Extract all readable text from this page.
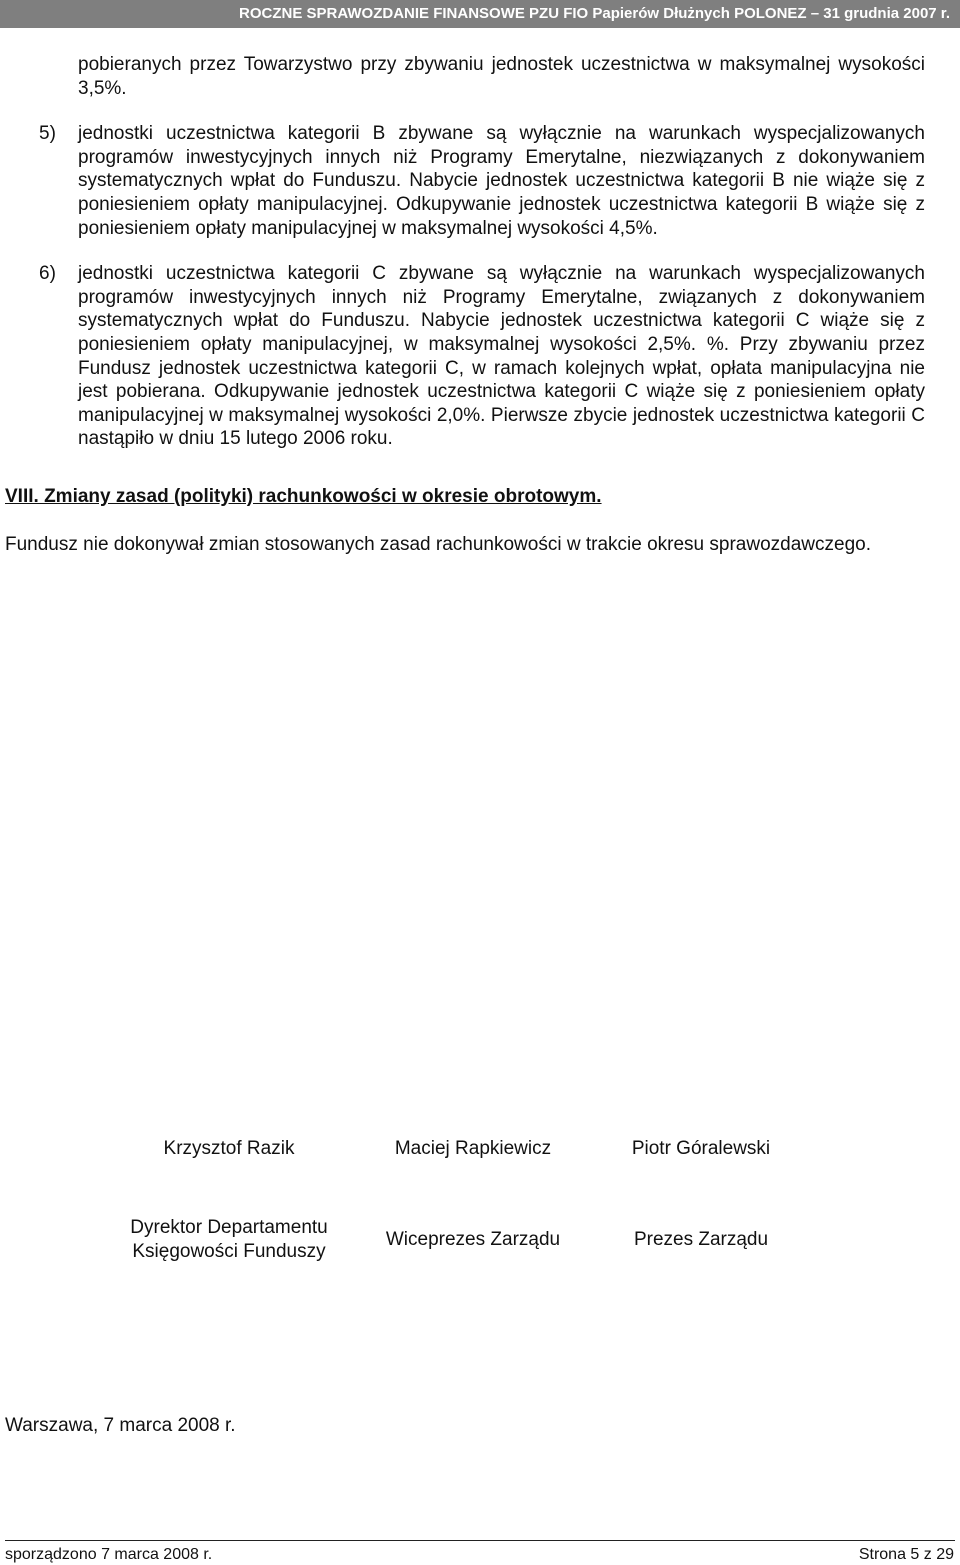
ROCZNE SPRAWOZDANIE FINANSOWE PZU FIO Papierów Dłużnych POLONEZ – 31 grudnia 2007 r.
pobieranych przez Towarzystwo przy zbywaniu jednostek uczestnictwa w maksymalnej wysokości 3,5%.
5) jednostki uczestnictwa kategorii B zbywane są wyłącznie na warunkach wyspecjalizowanych programów inwestycyjnych innych niż Programy Emerytalne, niezwiązanych z dokonywaniem systematycznych wpłat do Funduszu. Nabycie jednostek uczestnictwa kategorii B nie wiąże się z poniesieniem opłaty manipulacyjnej. Odkupywanie jednostek uczestnictwa kategorii B wiąże się z poniesieniem opłaty manipulacyjnej w maksymalnej wysokości 4,5%.
6) jednostki uczestnictwa kategorii C zbywane są wyłącznie na warunkach wyspecjalizowanych programów inwestycyjnych innych niż Programy Emerytalne, związanych z dokonywaniem systematycznych wpłat do Funduszu. Nabycie jednostek uczestnictwa kategorii C wiąże się z poniesieniem opłaty manipulacyjnej, w maksymalnej wysokości 2,5%. %. Przy zbywaniu przez Fundusz jednostek uczestnictwa kategorii C, w ramach kolejnych wpłat, opłata manipulacyjna nie jest pobierana. Odkupywanie jednostek uczestnictwa kategorii C wiąże się z poniesieniem opłaty manipulacyjnej w maksymalnej wysokości 2,0%. Pierwsze zbycie jednostek uczestnictwa kategorii C nastąpiło w dniu 15 lutego 2006 roku.
VIII. Zmiany zasad (polityki) rachunkowości w okresie obrotowym.
Fundusz nie dokonywał zmian stosowanych zasad rachunkowości w trakcie okresu sprawozdawczego.
Krzysztof Razik
Dyrektor Departamentu
Księgowości Funduszy
Maciej Rapkiewicz
Wiceprezes Zarządu
Piotr Góralewski
Prezes Zarządu
Warszawa, 7 marca 2008 r.
sporządzono 7 marca 2008 r.	Strona 5 z 29
